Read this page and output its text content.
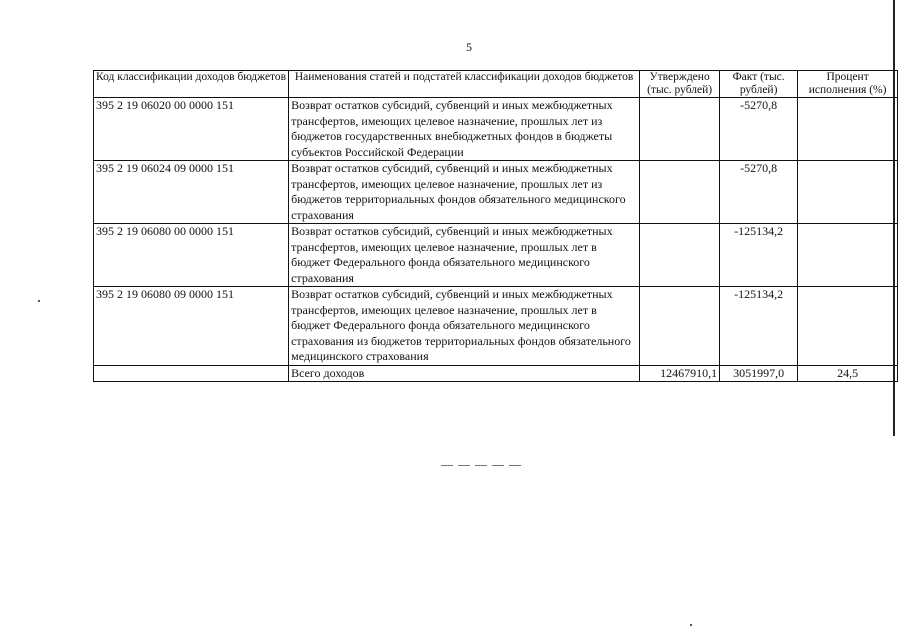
5
Код классификации доходов бюджетов	Наименования статей и подстатей классификации доходов бюджетов	Утверждено (тыс. рублей)	Факт (тыс. рублей)	Процент исполнения (%)
395 2 19 06020 00 0000 151	Возврат остатков субсидий, субвенций и иных межбюджетных трансфертов, имеющих целевое назначение, прошлых лет из бюджетов государственных внебюджетных фондов в бюджеты субъектов Российской Федерации		-5270,8	
395 2 19 06024 09 0000 151	Возврат остатков субсидий, субвенций и иных межбюджетных трансфертов, имеющих целевое назначение, прошлых лет из бюджетов территориальных фондов обязательного медицинского страхования		-5270,8	
395 2 19 06080 00 0000 151	Возврат остатков субсидий, субвенций и иных межбюджетных трансфертов, имеющих целевое назначение, прошлых лет в бюджет Федерального фонда обязательного медицинского страхования		-125134,2	
395 2 19 06080 09 0000 151	Возврат остатков субсидий, субвенций и иных межбюджетных трансфертов, имеющих целевое назначение, прошлых лет в бюджет Федерального фонда обязательного медицинского страхования из бюджетов территориальных фондов обязательного медицинского страхования		-125134,2	
	Всего доходов	12467910,1	3051997,0	24,5
— — — — —
